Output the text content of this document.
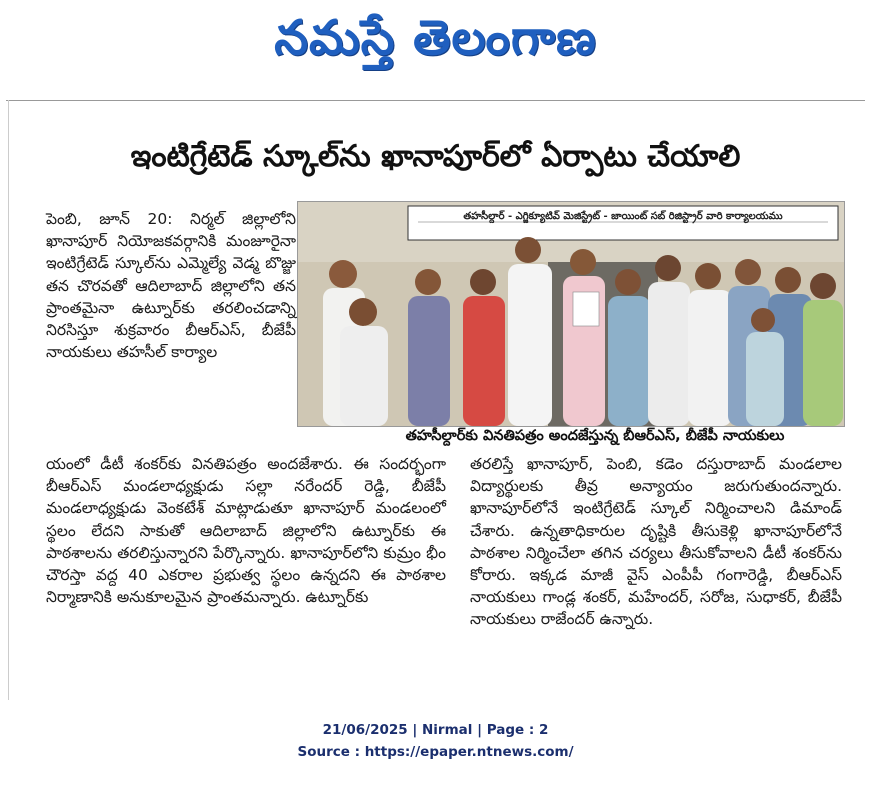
నమస్తే తెలంగాణ
ఇంటిగ్రేటెడ్ స్కూల్‌ను ఖానాపూర్‌లో ఏర్పాటు చేయాలి

పెంబి, జూన్ 20: నిర్మల్ జిల్లాలోని ఖానాపూర్ నియోజకవర్గానికి మంజూరైనా ఇంటిగ్రేటెడ్ స్కూల్‌ను ఎమ్మెల్యే వెడ్మ బొజ్జు తన చొరవతో ఆదిలాబాద్ జిల్లాలోని తన ప్రాంతమైనా ఉట్నూర్‌కు తరలించడాన్ని నిరసిస్తూ శుక్రవారం బీఆర్ఎస్, బీజేపీ నాయకులు తహసీల్ కార్యాల

తహసీల్దార్ - ఎగ్జిక్యూటివ్ మెజిస్ట్రేట్ - జాయింట్ సబ్ రిజిస్ట్రార్ వారి కార్యాలయము
తహసీల్దార్‌కు వినతిపత్రం అందజేస్తున్న బీఆర్ఎస్, బీజేపీ నాయకులు

యంలో డీటీ శంకర్‌కు వినతిపత్రం అందజేశారు. ఈ సందర్భంగా బీఆర్ఎస్ మండలాధ్యక్షుడు సల్లా నరేందర్ రెడ్డి, బీజేపీ మండలాధ్యక్షుడు వెంకటేశ్ మాట్లాడుతూ ఖానాపూర్ మండలంలో స్థలం లేదని సాకుతో ఆదిలాబాద్ జిల్లాలోని ఉట్నూర్‌కు ఈ పాఠశాలను తరలిస్తున్నారని పేర్కొన్నారు. ఖానాపూర్‌లోని కుమ్రం భీం చౌరస్తా వద్ద 40 ఎకరాల ప్రభుత్వ స్థలం ఉన్నదని ఈ పాఠశాల నిర్మాణానికి అనుకూలమైన ప్రాంతమన్నారు. ఉట్నూర్‌కు

తరలిస్తే ఖానాపూర్, పెంబి, కడెం దస్తురాబాద్ మండలాల విద్యార్థులకు తీవ్ర అన్యాయం జరుగుతుందన్నారు. ఖానాపూర్‌లోనే ఇంటిగ్రేటెడ్ స్కూల్ నిర్మించాలని డిమాండ్ చేశారు. ఉన్నతాధికారుల దృష్టికి తీసుకెళ్లి ఖానాపూర్‌లోనే పాఠశాల నిర్మించేలా తగిన చర్యలు తీసుకోవాలని డీటీ శంకర్‌ను కోరారు. ఇక్కడ మాజీ వైస్ ఎంపీపీ గంగారెడ్డి, బీఆర్ఎస్ నాయకులు గాండ్ల శంకర్, మహేందర్, సరోజ, సుధాకర్, బీజేపీ నాయకులు రాజేందర్ ఉన్నారు.

21/06/2025 | Nirmal | Page : 2
Source : https://epaper.ntnews.com/
